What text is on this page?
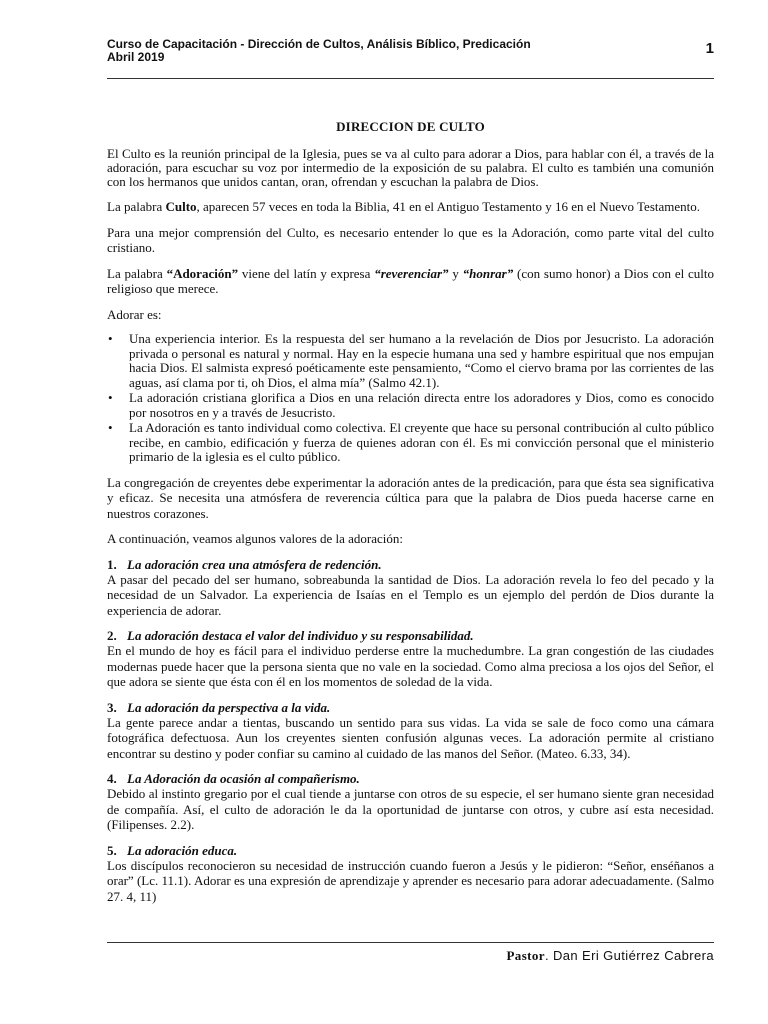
Curso de Capacitación - Dirección de Cultos, Análisis Bíblico, Predicación
Abril 2019	1
DIRECCION DE CULTO

El Culto es la reunión principal de la Iglesia, pues se va al culto para adorar a Dios, para hablar con él, a través de la adoración, para escuchar su voz por intermedio de la exposición de su palabra. El culto es también una comunión con los hermanos que unidos cantan, oran, ofrendan y escuchan la palabra de Dios.

La palabra Culto, aparecen 57 veces en toda la Biblia, 41 en el Antiguo Testamento y 16 en el Nuevo Testamento.

Para una mejor comprensión del Culto, es necesario entender lo que es la Adoración, como parte vital del culto cristiano.

La palabra “Adoración” viene del latín y expresa “reverenciar” y “honrar” (con sumo honor) a Dios con el culto religioso que merece.

Adorar es:

• Una experiencia interior. Es la respuesta del ser humano a la revelación de Dios por Jesucristo. La adoración privada o personal es natural y normal. Hay en la especie humana una sed y hambre espiritual que nos empujan hacia Dios. El salmista expresó poéticamente este pensamiento, “Como el ciervo brama por las corrientes de las aguas, así clama por ti, oh Dios, el alma mía” (Salmo 42.1).
• La adoración cristiana glorifica a Dios en una relación directa entre los adoradores y Dios, como es conocido por nosotros en y a través de Jesucristo.
• La Adoración es tanto individual como colectiva. El creyente que hace su personal contribución al culto público recibe, en cambio, edificación y fuerza de quienes adoran con él. Es mi convicción personal que el ministerio primario de la iglesia es el culto público.

La congregación de creyentes debe experimentar la adoración antes de la predicación, para que ésta sea significativa y eficaz. Se necesita una atmósfera de reverencia cúltica para que la palabra de Dios pueda hacerse carne en nuestros corazones.

A continuación, veamos algunos valores de la adoración:

1. La adoración crea una atmósfera de redención.
A pasar del pecado del ser humano, sobreabunda la santidad de Dios. La adoración revela lo feo del pecado y la necesidad de un Salvador. La experiencia de Isaías en el Templo es un ejemplo del perdón de Dios durante la experiencia de adorar.
2. La adoración destaca el valor del individuo y su responsabilidad.
En el mundo de hoy es fácil para el individuo perderse entre la muchedumbre. La gran congestión de las ciudades modernas puede hacer que la persona sienta que no vale en la sociedad. Como alma preciosa a los ojos del Señor, el que adora se siente que ésta con él en los momentos de soledad de la vida.
3. La adoración da perspectiva a la vida.
La gente parece andar a tientas, buscando un sentido para sus vidas. La vida se sale de foco como una cámara fotográfica defectuosa. Aun los creyentes sienten confusión algunas veces. La adoración permite al cristiano encontrar su destino y poder confiar su camino al cuidado de las manos del Señor. (Mateo. 6.33, 34).
4. La Adoración da ocasión al compañerismo.
Debido al instinto gregario por el cual tiende a juntarse con otros de su especie, el ser humano siente gran necesidad de compañía. Así, el culto de adoración le da la oportunidad de juntarse con otros, y cubre así esta necesidad. (Filipenses. 2.2).
5. La adoración educa.
Los discípulos reconocieron su necesidad de instrucción cuando fueron a Jesús y le pidieron: “Señor, enséñanos a orar” (Lc. 11.1). Adorar es una expresión de aprendizaje y aprender es necesario para adorar adecuadamente. (Salmo 27. 4, 11)
Pastor. Dan Eri Gutiérrez Cabrera
